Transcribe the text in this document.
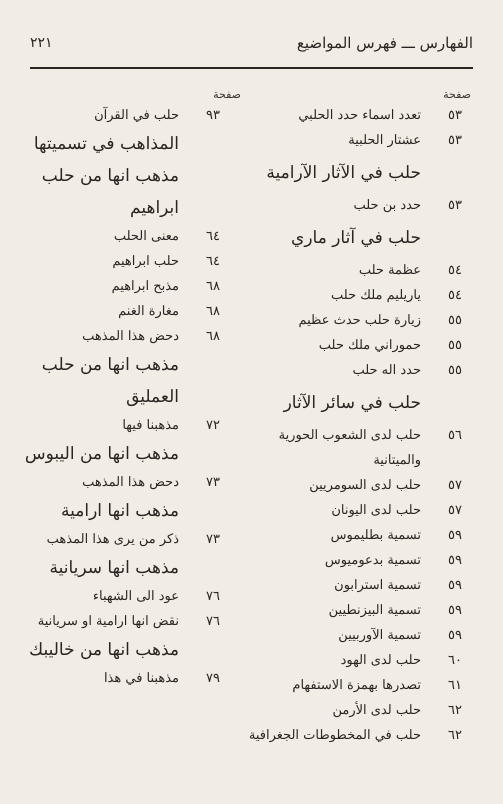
الفهارس ـــ فهرس المواضيع
٢٢١
صفحة
صفحة
٥٣
تعدد اسماء حدد الحلبي
٥٣
عشتار الحلبية
حلب في الآثار الآرامية
٥٣
حدد بن حلب
حلب في آثار ماري
٥٤
عظمة حلب
٥٤
ياريليم ملك حلب
٥٥
زيارة حلب حدث عظيم
٥٥
حموراني ملك حلب
٥٥
حدد اله حلب
حلب في سائر الآثار
٥٦
حلب لدى الشعوب الحورية
والميتانية
٥٧
حلب لدى السومريين
٥٧
حلب لدى اليونان
٥٩
تسمية بطليموس
٥٩
تسمية بدعوميوس
٥٩
تسمية استرابون
٥٩
تسمية البيزنطيين
٥٩
تسمية الآوربيين
٦٠
حلب لدى الهود
٦١
تصدرها بهمزة الاستفهام
٦٢
حلب لدى الأرمن
٦٢
حلب في المخطوطات الجغرافية
٩٣
حلب في القرآن
المذاهب في تسميتها
مذهب انها من حلب
ابراهيم
٦٤
معنى الحلب
٦٤
حلب ابراهيم
٦٨
مذبح ابراهيم
٦٨
مغارة الغنم
٦٨
دحض هذا المذهب
مذهب انها من حلب
العمليق
٧٢
مذهبنا فيها
مذهب انها من اليبوس
٧٣
دحض هذا المذهب
مذهب انها ارامية
٧٣
ذكر من يرى هذا المذهب
مذهب انها سريانية
٧٦
عود الى الشهباء
٧٦
نقض انها ارامية او سريانية
مذهب انها من خاليبك
٧٩
مذهبنا في هذا
